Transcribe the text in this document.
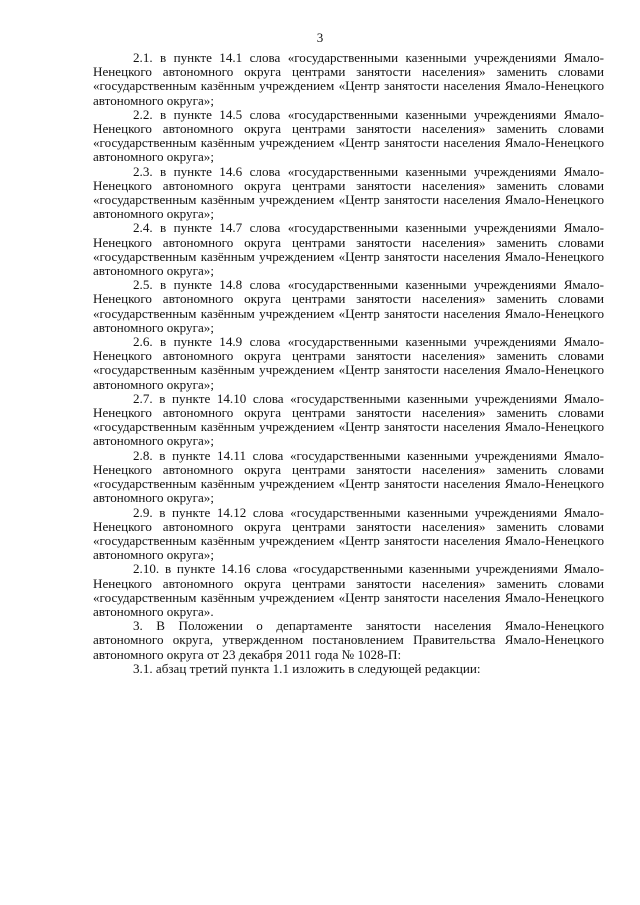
3

2.1. в пункте 14.1 слова «государственными казенными учреждениями Ямало-Ненецкого автономного округа центрами занятости населения» заменить словами «государственным казённым учреждением «Центр занятости населения Ямало-Ненецкого автономного округа»;

2.2. в пункте 14.5 слова «государственными казенными учреждениями Ямало-Ненецкого автономного округа центрами занятости населения» заменить словами «государственным казённым учреждением «Центр занятости населения Ямало-Ненецкого автономного округа»;

2.3. в пункте 14.6 слова «государственными казенными учреждениями Ямало-Ненецкого автономного округа центрами занятости населения» заменить словами «государственным казённым учреждением «Центр занятости населения Ямало-Ненецкого автономного округа»;

2.4. в пункте 14.7 слова «государственными казенными учреждениями Ямало-Ненецкого автономного округа центрами занятости населения» заменить словами «государственным казённым учреждением «Центр занятости населения Ямало-Ненецкого автономного округа»;

2.5. в пункте 14.8 слова «государственными казенными учреждениями Ямало-Ненецкого автономного округа центрами занятости населения» заменить словами «государственным казённым учреждением «Центр занятости населения Ямало-Ненецкого автономного округа»;

2.6. в пункте 14.9 слова «государственными казенными учреждениями Ямало-Ненецкого автономного округа центрами занятости населения» заменить словами «государственным казённым учреждением «Центр занятости населения Ямало-Ненецкого автономного округа»;

2.7. в пункте 14.10 слова «государственными казенными учреждениями Ямало-Ненецкого автономного округа центрами занятости населения» заменить словами «государственным казённым учреждением «Центр занятости населения Ямало-Ненецкого автономного округа»;

2.8. в пункте 14.11 слова «государственными казенными учреждениями Ямало-Ненецкого автономного округа центрами занятости населения» заменить словами «государственным казённым учреждением «Центр занятости населения Ямало-Ненецкого автономного округа»;

2.9. в пункте 14.12 слова «государственными казенными учреждениями Ямало-Ненецкого автономного округа центрами занятости населения» заменить словами «государственным казённым учреждением «Центр занятости населения Ямало-Ненецкого автономного округа»;

2.10. в пункте 14.16 слова «государственными казенными учреждениями Ямало-Ненецкого автономного округа центрами занятости населения» заменить словами «государственным казённым учреждением «Центр занятости населения Ямало-Ненецкого автономного округа».

3. В Положении о департаменте занятости населения Ямало-Ненецкого автономного округа, утвержденном постановлением Правительства Ямало-Ненецкого автономного округа от 23 декабря 2011 года № 1028-П:

3.1. абзац третий пункта 1.1 изложить в следующей редакции:
